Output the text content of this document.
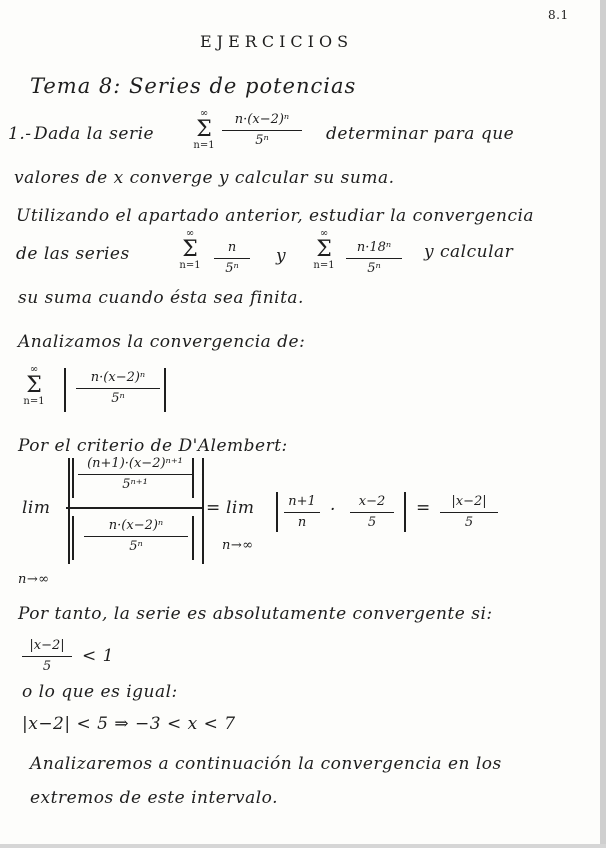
8.1
EJERCICIOS
Tema 8: Series de potencias
1.- Dada la serie
∞
Σ
n=1
n·(x−2)ⁿ
5ⁿ	determinar para que
valores de x converge y calcular su suma.
Utilizando el apartado anterior, estudiar la convergencia
de las series
∞
Σ
n=1
n
5ⁿ
y
∞
Σ
n=1
n·18ⁿ
5ⁿ
y calcular
su suma cuando ésta sea finita.
Analizamos la convergencia de:
∞
Σ
n=1
n·(x−2)ⁿ
5ⁿ
Por el criterio de D'Alembert:
lim
(n+1)·(x−2)ⁿ⁺¹
5ⁿ⁺¹
n·(x−2)ⁿ
5ⁿ
= lim
n→∞
n+1
n
·	x−2
5
=	|x−2|
5
n→∞
Por tanto, la serie es absolutamente convergente si:
|x−2|
5
< 1
o lo que es igual:
|x−2| < 5 ⇒ −3 < x < 7
Analizaremos a continuación la convergencia en los
extremos de este intervalo.
